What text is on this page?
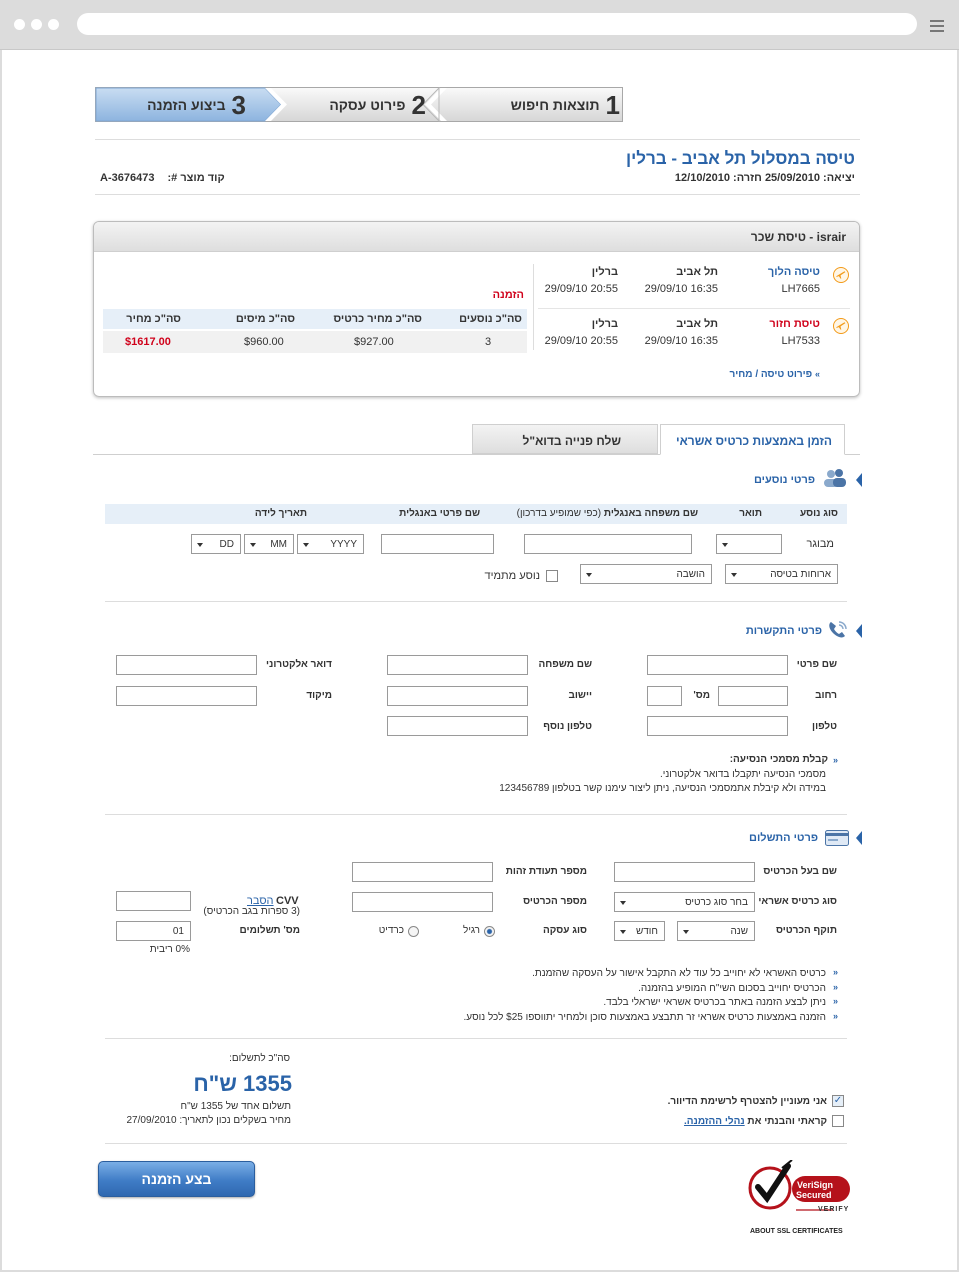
1
תוצאות חיפוש
2
פירוט עסקה
3
ביצוע הזמנה
טיסה במסלול תל אביב - ברלין
יציאה: 25/09/2010 חזרה: 12/10/2010
A-3676473 קוד מוצר #:
israir - טיסת שכר
טיסה הלוך
LH7665
תל אביב
16:35 29/09/10
ברלין
20:55 29/09/10
טיסת חזור
LH7533
תל אביב
16:35 29/09/10
ברלין
20:55 29/09/10
» פירוט טיסה / מחיר
הזמנה
סה"כ נוסעים
סה"כ מחיר כרטיס
סה"כ מיסים
סה"כ מחיר
3
$927.00
$960.00
$1617.00
הזמן באמצעות כרטיס אשראי
שלח פנייה בדוא"ל
פרטי נוסעים
סוג נוסע
תואר
שם משפחה באנגלית (כפי שמופיע בדרכון)
שם פרטי באנגלית
תאריך לידה
מבוגר
YYYY
MM
DD
ארוחות בטיסה
הושבה
נוסע מתמיד
פרטי התקשרות
שם פרטי
שם משפחה
דואר אלקטרוני
רחוב
מס'
יישוב
מיקוד
טלפון
טלפון נוסף
»
קבלת מסמכי הנסיעה:
מסמכי הנסיעה יתקבלו בדואר אלקטרוני.
במידה ולא קיבלת אתמסמכי הנסיעה, ניתן ליצור עימנו קשר בטלפון 123456789
פרטי התשלום
שם בעל הכרטיס
מספר תעודת זהות
סוג כרטיס אשראי
בחר סוג כרטיס
מספר הכרטיס
CVV
הסבר
(3 ספרות בגב הכרטיס)
תוקף הכרטיס
שנה
חודש
סוג עסקה
רגיל
כרדיט
מס' תשלומים
01
0% ריבית
»
כרטיס האשראי לא יחוייב כל עוד לא התקבל אישור על העסקה שהזמנת.
»
הכרטיס יחוייב בסכום השי"ח המופיע בהזמנה.
»
ניתן לבצע הזמנה באתר בכרטיס אשראי ישראלי בלבד.
»
הזמנה באמצעות כרטיס אשראי זר תתבצע באמצעות סוכן ולמחיר יתווספו $25 לכל נוסע.
סה"כ לתשלום:
1355 ש"ח
תשלום אחד של 1355 ש"ח
מחיר בשקלים נכון לתאריך: 27/09/2010
✓
אני מעוניין להצטרף לרשימת הדיוור.
קראתי והבנתי את נהלי ההזמנה.
בצע הזמנה	VeriSign
Secured
VERIFY
ABOUT SSL CERTIFICATES
